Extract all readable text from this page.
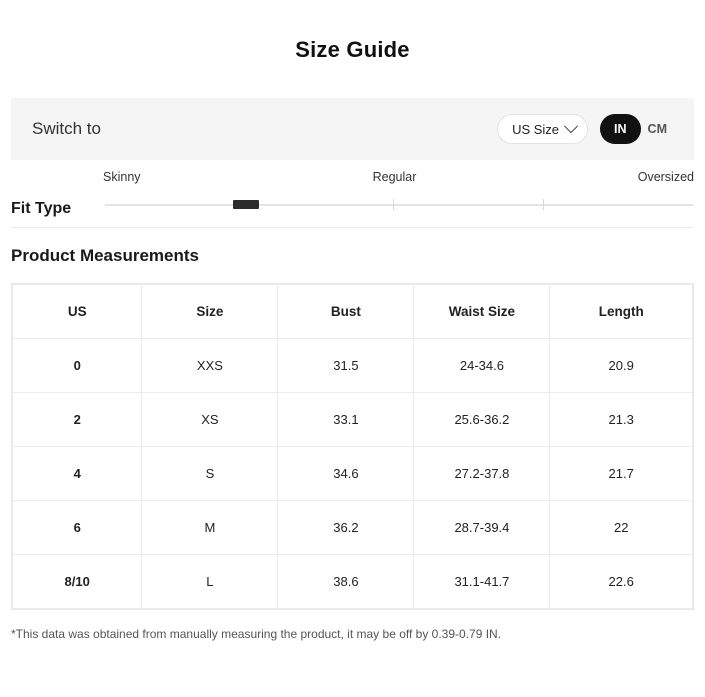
Size Guide
Switch to	US Size	IN	CM
Fit Type
Skinny	Regular	Oversized
Product Measurements
US	Size	Bust	Waist Size	Length
0	XXS	31.5	24-34.6	20.9
2	XS	33.1	25.6-36.2	21.3
4	S	34.6	27.2-37.8	21.7
6	M	36.2	28.7-39.4	22
8/10	L	38.6	31.1-41.7	22.6
*This data was obtained from manually measuring the product, it may be off by 0.39-0.79 IN.
